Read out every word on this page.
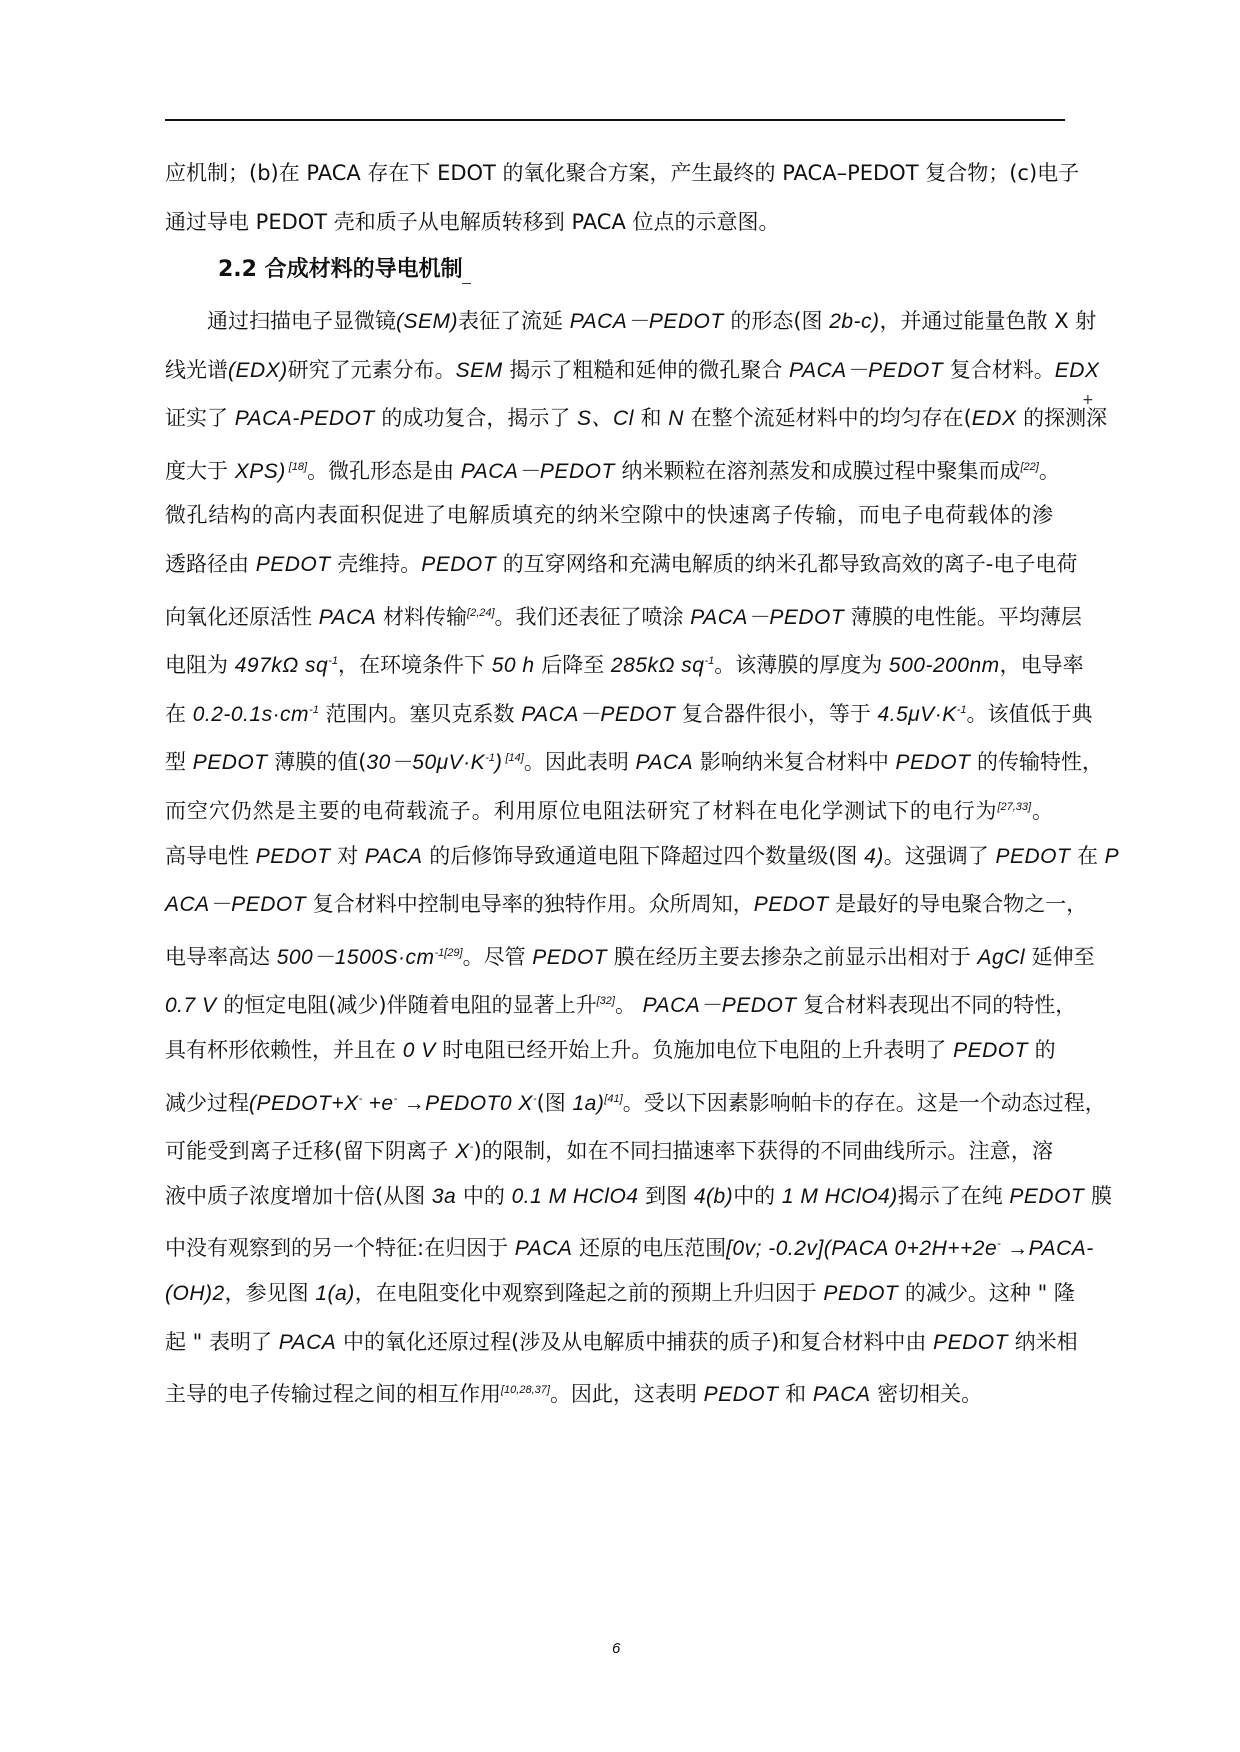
应机制；(b)在 PACA 存在下 EDOT 的氧化聚合方案，产生最终的 PACA–PEDOT 复合物；(c)电子
通过导电 PEDOT 壳和质子从电解质转移到 PACA 位点的示意图。
2.2 合成材料的导电机制
+
　　通过扫描电子显微镜(SEM)表征了流延 PACA－PEDOT 的形态(图 2b-c)，并通过能量色散 X 射
线光谱(EDX)研究了元素分布。SEM 揭示了粗糙和延伸的微孔聚合 PACA－PEDOT 复合材料。EDX
证实了 PACA-PEDOT 的成功复合，揭示了 S、Cl 和 N 在整个流延材料中的均匀存在(EDX 的探测深
度大于 XPS) [18]。微孔形态是由 PACA－PEDOT 纳米颗粒在溶剂蒸发和成膜过程中聚集而成[22]。
微孔结构的高内表面积促进了电解质填充的纳米空隙中的快速离子传输，而电子电荷载体的渗
透路径由 PEDOT 壳维持。PEDOT 的互穿网络和充满电解质的纳米孔都导致高效的离子-电子电荷
向氧化还原活性 PACA 材料传输[2,24]。我们还表征了喷涂 PACA－PEDOT 薄膜的电性能。平均薄层
电阻为 497kΩ $sq^{-1}$，在环境条件下 50 h 后降至 285kΩ $sq^{-1}$。该薄膜的厚度为 500-200nm，电导率
在 $0.2-0.1s\cdot cm^{-1}$ 范围内。塞贝克系数 PACA－PEDOT 复合器件很小，等于 $4.5\mu V\cdot K^{-1}$。该值低于典
型 PEDOT 薄膜的值$(30-50\mu V\cdot K^{-1})$ [14]。因此表明 PACA 影响纳米复合材料中 PEDOT 的传输特性，
而空穴仍然是主要的电荷载流子。利用原位电阻法研究了材料在电化学测试下的电行为[27,33]。
高导电性 PEDOT 对 PACA 的后修饰导致通道电阻下降超过四个数量级(图 4)。这强调了 PEDOT 在 P
ACA－PEDOT 复合材料中控制电导率的独特作用。众所周知，PEDOT 是最好的导电聚合物之一，
电导率高达 $500-1500S\cdot cm^{-1[29]}$。尽管 PEDOT 膜在经历主要去掺杂之前显示出相对于 AgCl 延伸至
0.7 V 的恒定电阻(减少)伴随着电阻的显著上升[32]。 PACA－PEDOT 复合材料表现出不同的特性，
具有杯形依赖性，并且在 0 V 时电阻已经开始上升。负施加电位下电阻的上升表明了 PEDOT 的
减少过程(PEDOT+X- +e- →PEDOT0 X-(图 1a)[41]。受以下因素影响帕卡的存在。这是一个动态过程，
可能受到离子迁移(留下阴离子 X-)的限制，如在不同扫描速率下获得的不同曲线所示。注意，溶
液中质子浓度增加十倍(从图 3a 中的 0.1 M HClO4 到图 4(b)中的 1 M HClO4)揭示了在纯 PEDOT 膜
中没有观察到的另一个特征:在归因于 PACA 还原的电压范围[0v; -0.2v](PACA 0+2H++2e- →PACA-
(OH)2，参见图 1(a)，在电阻变化中观察到隆起之前的预期上升归因于 PEDOT 的减少。这种 " 隆
起 " 表明了 PACA 中的氧化还原过程(涉及从电解质中捕获的质子)和复合材料中由 PEDOT 纳米相
主导的电子传输过程之间的相互作用[10,28,37]。因此，这表明 PEDOT 和 PACA 密切相关。
6
